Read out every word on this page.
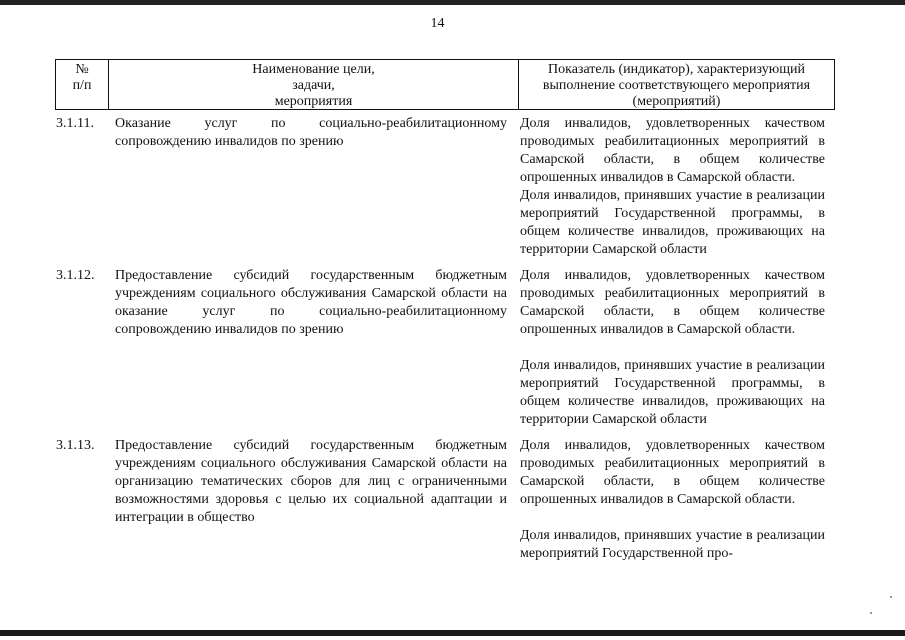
14
№
п/п
Наименование цели,
задачи,
мероприятия
Показатель (индикатор), характеризующий
выполнение соответствующего мероприятия
(мероприятий)
3.1.11. Оказание услуг по социально-реабилитационному сопровождению инвалидов по зрению

Доля инвалидов, удовлетворенных качеством проводимых реабилитационных мероприятий в Самарской области, в общем количестве опрошенных инвалидов в Самарской области.

Доля инвалидов, принявших участие в реализации мероприятий Государственной программы, в общем количестве инвалидов, проживающих на территории Самарской области

3.1.12. Предоставление субсидий государственным бюджетным учреждениям социального обслуживания Самарской области на оказание услуг по социально-реабилитационному сопровождению инвалидов по зрению

Доля инвалидов, удовлетворенных качеством проводимых реабилитационных мероприятий в Самарской области, в общем количестве опрошенных инвалидов в Самарской области.

Доля инвалидов, принявших участие в реализации мероприятий Государственной программы, в общем количестве инвалидов, проживающих на территории Самарской области

3.1.13. Предоставление субсидий государственным бюджетным учреждениям социального обслуживания Самарской области на организацию тематических сборов для лиц с ограниченными возможностями здоровья с целью их социальной адаптации и интеграции в общество

Доля инвалидов, удовлетворенных качеством проводимых реабилитационных мероприятий в Самарской области, в общем количестве опрошенных инвалидов в Самарской области.

Доля инвалидов, принявших участие в реализации мероприятий Государственной про-
